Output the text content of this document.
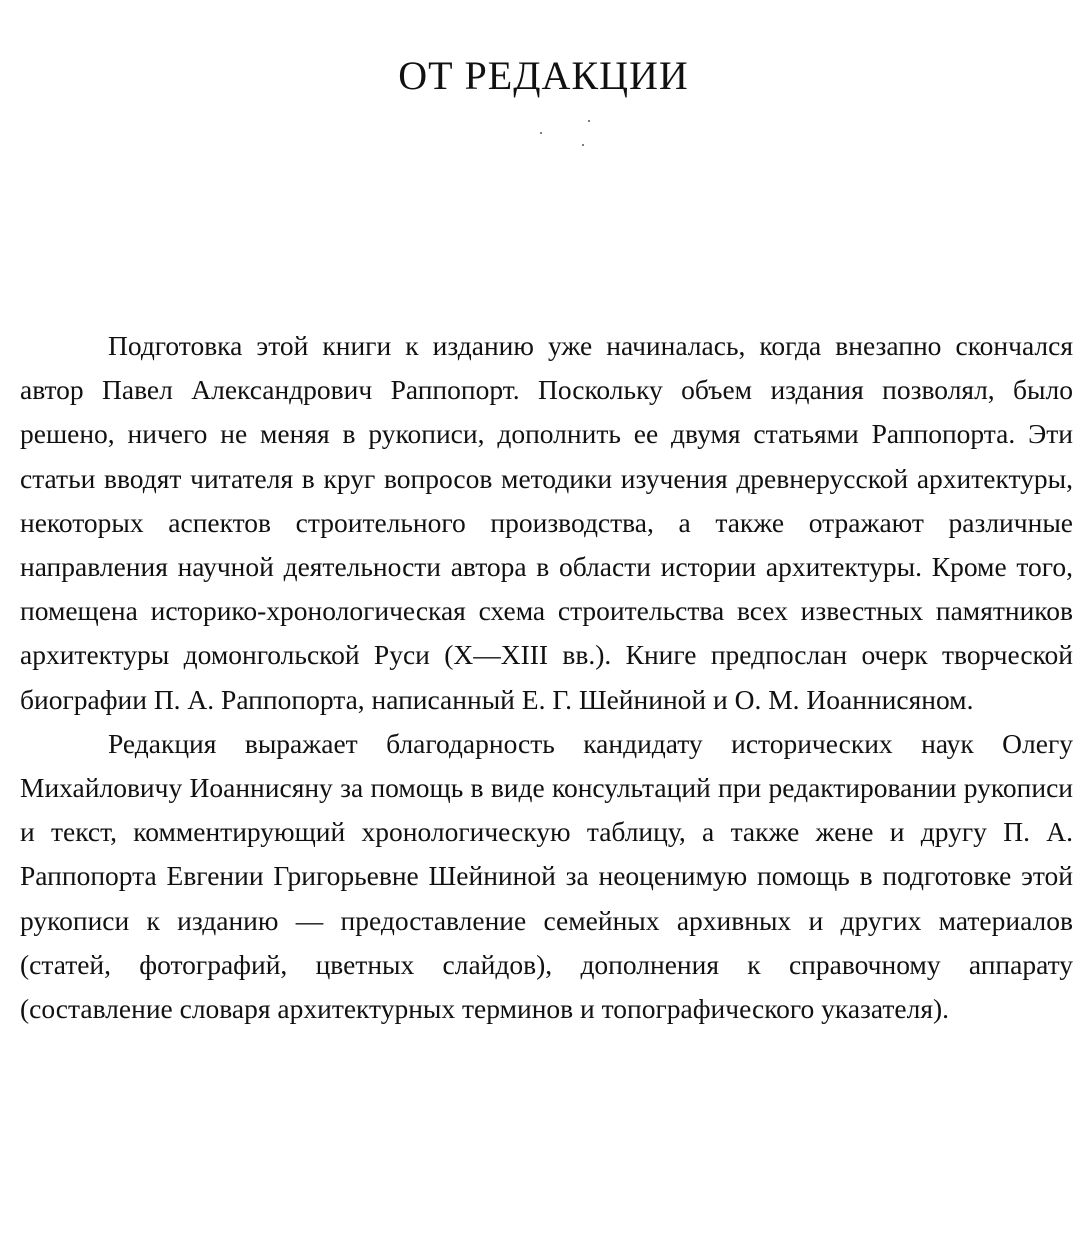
ОТ РЕДАКЦИИ

Подготовка этой книги к изданию уже начиналась, когда внезапно скончался автор Павел Александрович Раппопорт. Поскольку объем издания позволял, было решено, ничего не меняя в рукописи, дополнить ее двумя статьями Раппопорта. Эти статьи вводят читателя в круг вопросов методики изучения древнерусской архитектуры, некоторых аспектов строительного производства, а также отражают различные направления научной деятельности автора в области истории архитектуры. Кроме того, помещена историко-хронологическая схема строительства всех известных памятников архитектуры домонгольской Руси (X—XIII вв.). Книге предпослан очерк творческой биографии П. А. Раппопорта, написанный Е. Г. Шейниной и О. М. Иоаннисяном.

Редакция выражает благодарность кандидату исторических наук Олегу Михайловичу Иоаннисяну за помощь в виде консультаций при редактировании рукописи и текст, комментирующий хронологическую таблицу, а также жене и другу П. А. Раппопорта Евгении Григорьевне Шейниной за неоценимую помощь в подготовке этой рукописи к изданию — предоставление семейных архивных и других материалов (статей, фотографий, цветных слайдов), дополнения к справочному аппарату (составление словаря архитектурных терминов и топографического указателя).
